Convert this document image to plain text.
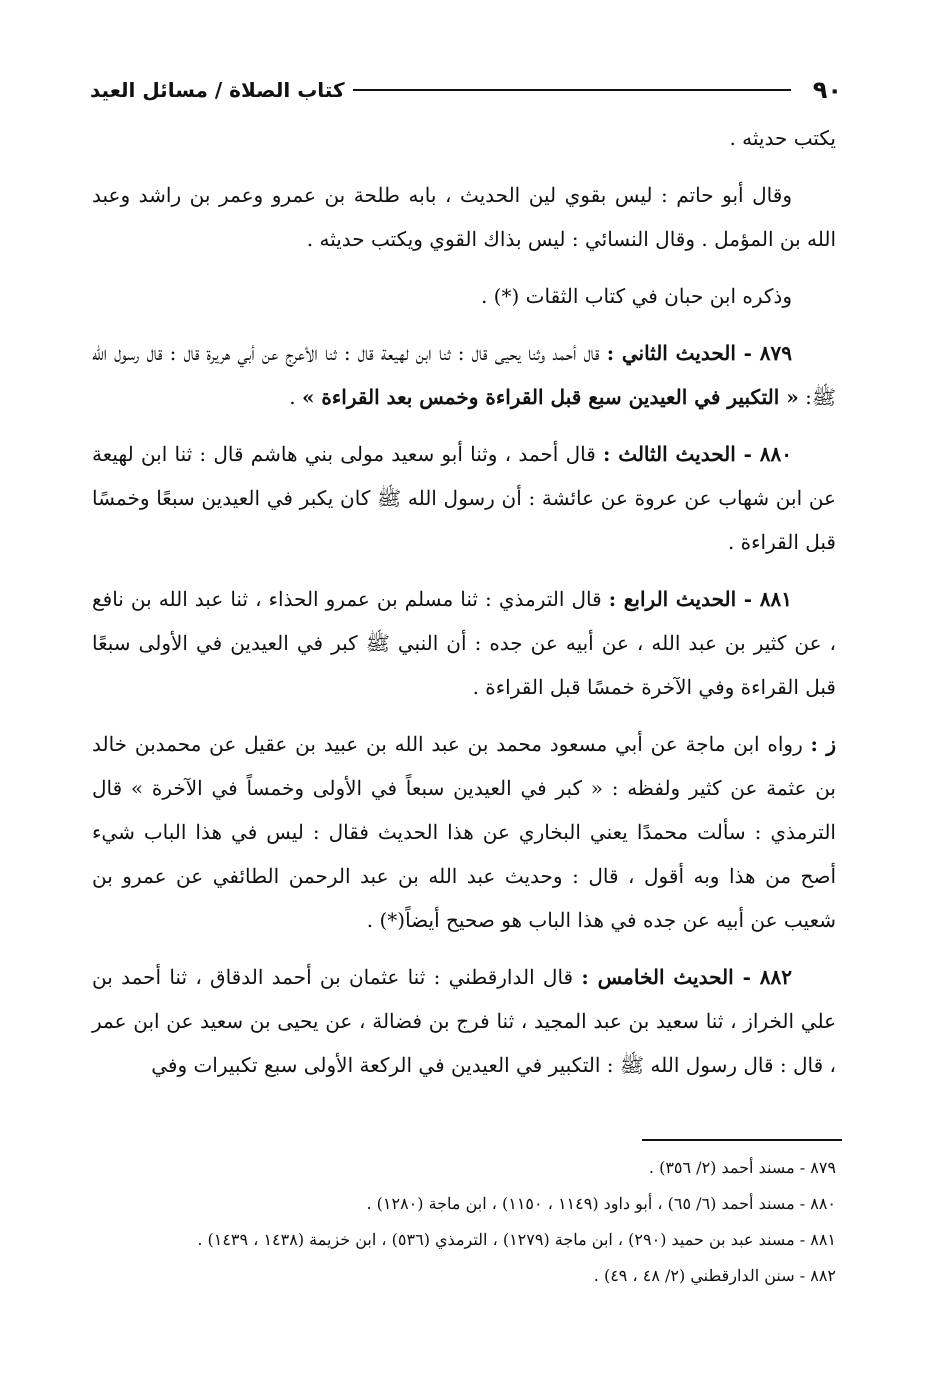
٩٠
كتاب الصلاة / مسائل العيد

يكتب حديثه .

وقال أبو حاتم : ليس بقوي لين الحديث ، بابه طلحة بن عمرو وعمر بن راشد وعبد الله بن المؤمل . وقال النسائي : ليس بذاك القوي ويكتب حديثه .

وذكره ابن حبان في كتاب الثقات (*) .

٨٧٩ - الحديث الثاني : قال أحمد وثنا يحيى قال : ثنا ابن لهيعة قال : ثنا الأعرج عن أبي هريرة قال : قال رسول الله ﷺ: « التكبير في العيدين سبع قبل القراءة وخمس بعد القراءة » .

٨٨٠ - الحديث الثالث : قال أحمد ، وثنا أبو سعيد مولى بني هاشم قال : ثنا ابن لهيعة عن ابن شهاب عن عروة عن عائشة : أن رسول الله ﷺ كان يكبر في العيدين سبعًا وخمسًا قبل القراءة .

٨٨١ - الحديث الرابع : قال الترمذي : ثنا مسلم بن عمرو الحذاء ، ثنا عبد الله بن نافع ، عن كثير بن عبد الله ، عن أبيه عن جده : أن النبي ﷺ كبر في العيدين في الأولى سبعًا قبل القراءة وفي الآخرة خمسًا قبل القراءة .

ز : رواه ابن ماجة عن أبي مسعود محمد بن عبد الله بن عبيد بن عقيل عن محمدبن خالد بن عثمة عن كثير ولفظه : « كبر في العيدين سبعاً في الأولى وخمساً في الآخرة » قال الترمذي : سألت محمدًا يعني البخاري عن هذا الحديث فقال : ليس في هذا الباب شيء أصح من هذا وبه أقول ، قال : وحديث عبد الله بن عبد الرحمن الطائفي عن عمرو بن شعيب عن أبيه عن جده في هذا الباب هو صحيح أيضاً(*) .

٨٨٢ - الحديث الخامس : قال الدارقطني : ثنا عثمان بن أحمد الدقاق ، ثنا أحمد بن علي الخراز ، ثنا سعيد بن عبد المجيد ، ثنا فرج بن فضالة ، عن يحيى بن سعيد عن ابن عمر ، قال : قال رسول الله ﷺ : التكبير في العيدين في الركعة الأولى سبع تكبيرات وفي

٨٧٩ - مسند أحمد (٢/ ٣٥٦) .
٨٨٠ - مسند أحمد (٦/ ٦٥) ، أبو داود (١١٤٩ ، ١١٥٠) ، ابن ماجة (١٢٨٠) .
٨٨١ - مسند عبد بن حميد (٢٩٠) ، ابن ماجة (١٢٧٩) ، الترمذي (٥٣٦) ، ابن خزيمة (١٤٣٨ ، ١٤٣٩) .
٨٨٢ - سنن الدارقطني (٢/ ٤٨ ، ٤٩) .
